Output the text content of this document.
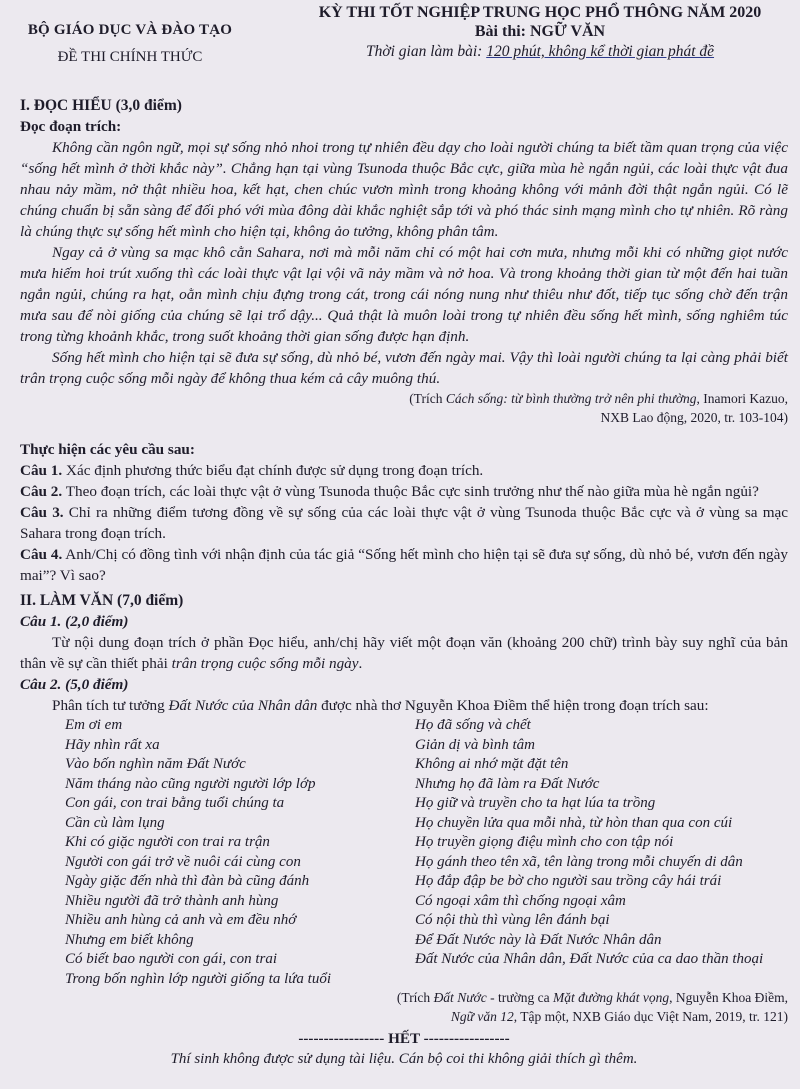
BỘ GIÁO DỤC VÀ ĐÀO TẠO
ĐỀ THI CHÍNH THỨC
KỲ THI TỐT NGHIỆP TRUNG HỌC PHỔ THÔNG NĂM 2020
Bài thi: NGỮ VĂN
Thời gian làm bài: 120 phút, không kể thời gian phát đề
I. ĐỌC HIỂU (3,0 điểm)
Đọc đoạn trích:

Không cần ngôn ngữ, mọi sự sống nhỏ nhoi trong tự nhiên đều dạy cho loài người chúng ta biết tầm quan trọng của việc “sống hết mình ở thời khắc này”. Chẳng hạn tại vùng Tsunoda thuộc Bắc cực, giữa mùa hè ngắn ngủi, các loài thực vật đua nhau nảy mầm, nở thật nhiều hoa, kết hạt, chen chúc vươn mình trong khoảng không với mảnh đời thật ngắn ngủi. Có lẽ chúng chuẩn bị sẵn sàng để đối phó với mùa đông dài khắc nghiệt sắp tới và phó thác sinh mạng mình cho tự nhiên. Rõ ràng là chúng thực sự sống hết mình cho hiện tại, không ảo tưởng, không phân tâm.

Ngay cả ở vùng sa mạc khô cằn Sahara, nơi mà mỗi năm chỉ có một hai cơn mưa, nhưng mỗi khi có những giọt nước mưa hiếm hoi trút xuống thì các loài thực vật lại vội vã nảy mầm và nở hoa. Và trong khoảng thời gian từ một đến hai tuần ngắn ngủi, chúng ra hạt, oằn mình chịu đựng trong cát, trong cái nóng nung như thiêu như đốt, tiếp tục sống chờ đến trận mưa sau để nòi giống của chúng sẽ lại trổ dậy... Quả thật là muôn loài trong tự nhiên đều sống hết mình, sống nghiêm túc trong từng khoảnh khắc, trong suốt khoảng thời gian sống được hạn định.

Sống hết mình cho hiện tại sẽ đưa sự sống, dù nhỏ bé, vươn đến ngày mai. Vậy thì loài người chúng ta lại càng phải biết trân trọng cuộc sống mỗi ngày để không thua kém cả cây muông thú.

(Trích Cách sống: từ bình thường trở nên phi thường, Inamori Kazuo,
NXB Lao động, 2020, tr. 103-104)

Thực hiện các yêu cầu sau:

Câu 1. Xác định phương thức biểu đạt chính được sử dụng trong đoạn trích.

Câu 2. Theo đoạn trích, các loài thực vật ở vùng Tsunoda thuộc Bắc cực sinh trưởng như thế nào giữa mùa hè ngắn ngủi?

Câu 3. Chỉ ra những điểm tương đồng về sự sống của các loài thực vật ở vùng Tsunoda thuộc Bắc cực và ở vùng sa mạc Sahara trong đoạn trích.

Câu 4. Anh/Chị có đồng tình với nhận định của tác giả “Sống hết mình cho hiện tại sẽ đưa sự sống, dù nhỏ bé, vươn đến ngày mai”? Vì sao?

II. LÀM VĂN (7,0 điểm)
Câu 1. (2,0 điểm)

Từ nội dung đoạn trích ở phần Đọc hiểu, anh/chị hãy viết một đoạn văn (khoảng 200 chữ) trình bày suy nghĩ của bản thân về sự cần thiết phải trân trọng cuộc sống mỗi ngày.

Câu 2. (5,0 điểm)

Phân tích tư tưởng Đất Nước của Nhân dân được nhà thơ Nguyễn Khoa Điềm thể hiện trong đoạn trích sau:

Em ơi em
Hãy nhìn rất xa
Vào bốn nghìn năm Đất Nước
Năm tháng nào cũng người người lớp lớp
Con gái, con trai bằng tuổi chúng ta
Cần cù làm lụng
Khi có giặc người con trai ra trận
Người con gái trở về nuôi cái cùng con
Ngày giặc đến nhà thì đàn bà cũng đánh
Nhiều người đã trở thành anh hùng
Nhiều anh hùng cả anh và em đều nhớ
Nhưng em biết không
Có biết bao người con gái, con trai
Trong bốn nghìn lớp người giống ta lứa tuổi
Họ đã sống và chết
Giản dị và bình tâm
Không ai nhớ mặt đặt tên
Nhưng họ đã làm ra Đất Nước
Họ giữ và truyền cho ta hạt lúa ta trồng
Họ chuyền lửa qua mỗi nhà, từ hòn than qua con cúi
Họ truyền giọng điệu mình cho con tập nói
Họ gánh theo tên xã, tên làng trong mỗi chuyến di dân
Họ đắp đập be bờ cho người sau trồng cây hái trái
Có ngoại xâm thì chống ngoại xâm
Có nội thù thì vùng lên đánh bại
Để Đất Nước này là Đất Nước Nhân dân
Đất Nước của Nhân dân, Đất Nước của ca dao thần thoại

(Trích Đất Nước - trường ca Mặt đường khát vọng, Nguyễn Khoa Điềm,
Ngữ văn 12, Tập một, NXB Giáo dục Việt Nam, 2019, tr. 121)

----------------- HẾT -----------------
Thí sinh không được sử dụng tài liệu. Cán bộ coi thi không giải thích gì thêm.
